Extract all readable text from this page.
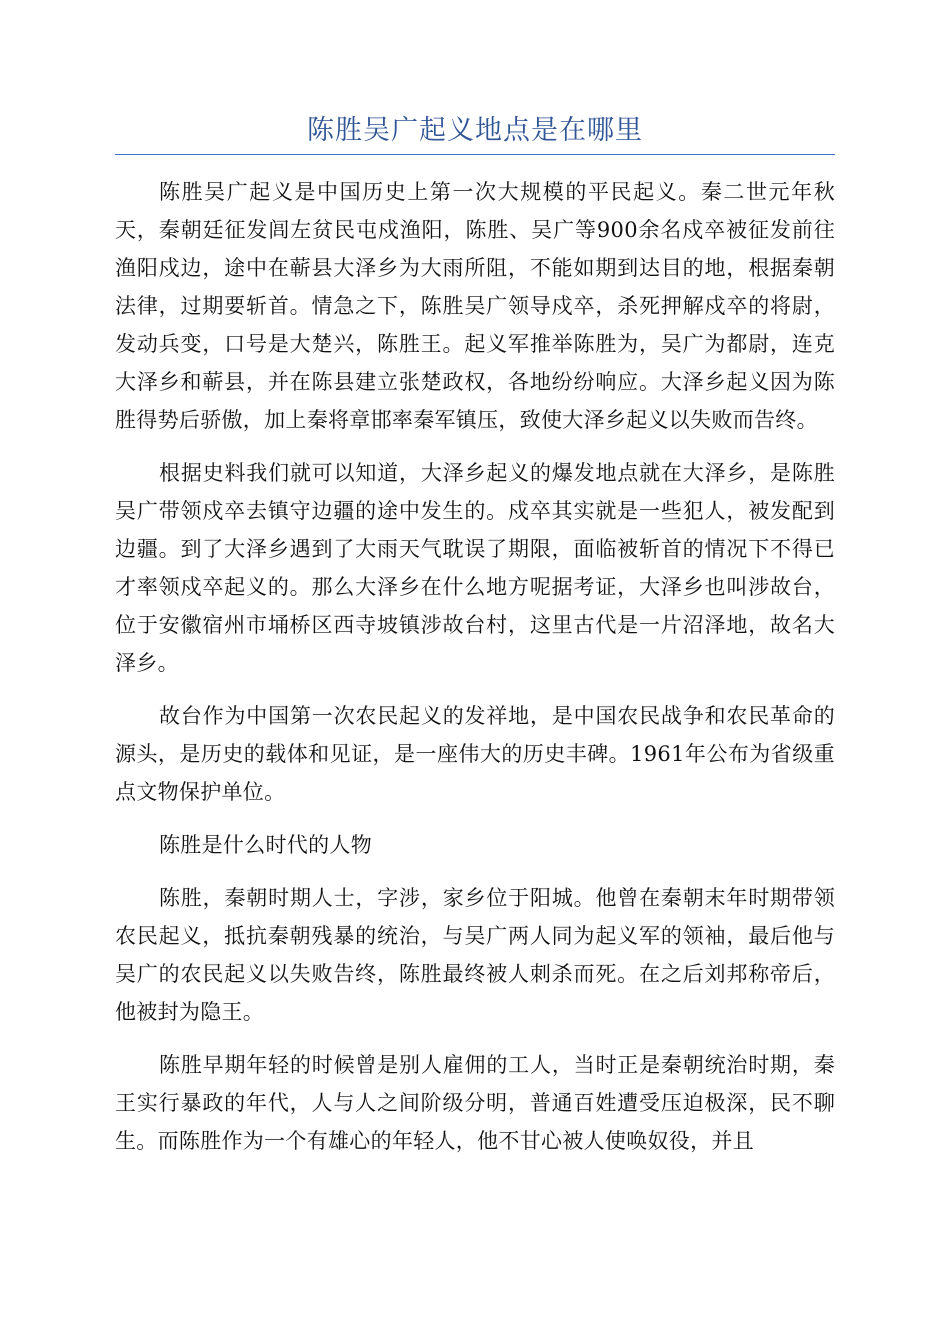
陈胜吴广起义地点是在哪里

陈胜吴广起义是中国历史上第一次大规模的平民起义。秦二世元年秋天，秦朝廷征发闾左贫民屯戍渔阳，陈胜、吴广等900余名戍卒被征发前往渔阳戍边，途中在蕲县大泽乡为大雨所阻，不能如期到达目的地，根据秦朝法律，过期要斩首。情急之下，陈胜吴广领导戍卒，杀死押解戍卒的将尉，发动兵变，口号是大楚兴，陈胜王。起义军推举陈胜为，吴广为都尉，连克大泽乡和蕲县，并在陈县建立张楚政权，各地纷纷响应。大泽乡起义因为陈胜得势后骄傲，加上秦将章邯率秦军镇压，致使大泽乡起义以失败而告终。

根据史料我们就可以知道，大泽乡起义的爆发地点就在大泽乡，是陈胜吴广带领戍卒去镇守边疆的途中发生的。戍卒其实就是一些犯人，被发配到边疆。到了大泽乡遇到了大雨天气耽误了期限，面临被斩首的情况下不得已才率领戍卒起义的。那么大泽乡在什么地方呢据考证，大泽乡也叫涉故台，位于安徽宿州市埇桥区西寺坡镇涉故台村，这里古代是一片沼泽地，故名大泽乡。

故台作为中国第一次农民起义的发祥地，是中国农民战争和农民革命的源头，是历史的载体和见证，是一座伟大的历史丰碑。1961年公布为省级重点文物保护单位。

陈胜是什么时代的人物

陈胜，秦朝时期人士，字涉，家乡位于阳城。他曾在秦朝末年时期带领农民起义，抵抗秦朝残暴的统治，与吴广两人同为起义军的领袖，最后他与吴广的农民起义以失败告终，陈胜最终被人刺杀而死。在之后刘邦称帝后，他被封为隐王。

陈胜早期年轻的时候曾是别人雇佣的工人，当时正是秦朝统治时期，秦王实行暴政的年代，人与人之间阶级分明，普通百姓遭受压迫极深，民不聊生。而陈胜作为一个有雄心的年轻人，他不甘心被人使唤奴役，并且
